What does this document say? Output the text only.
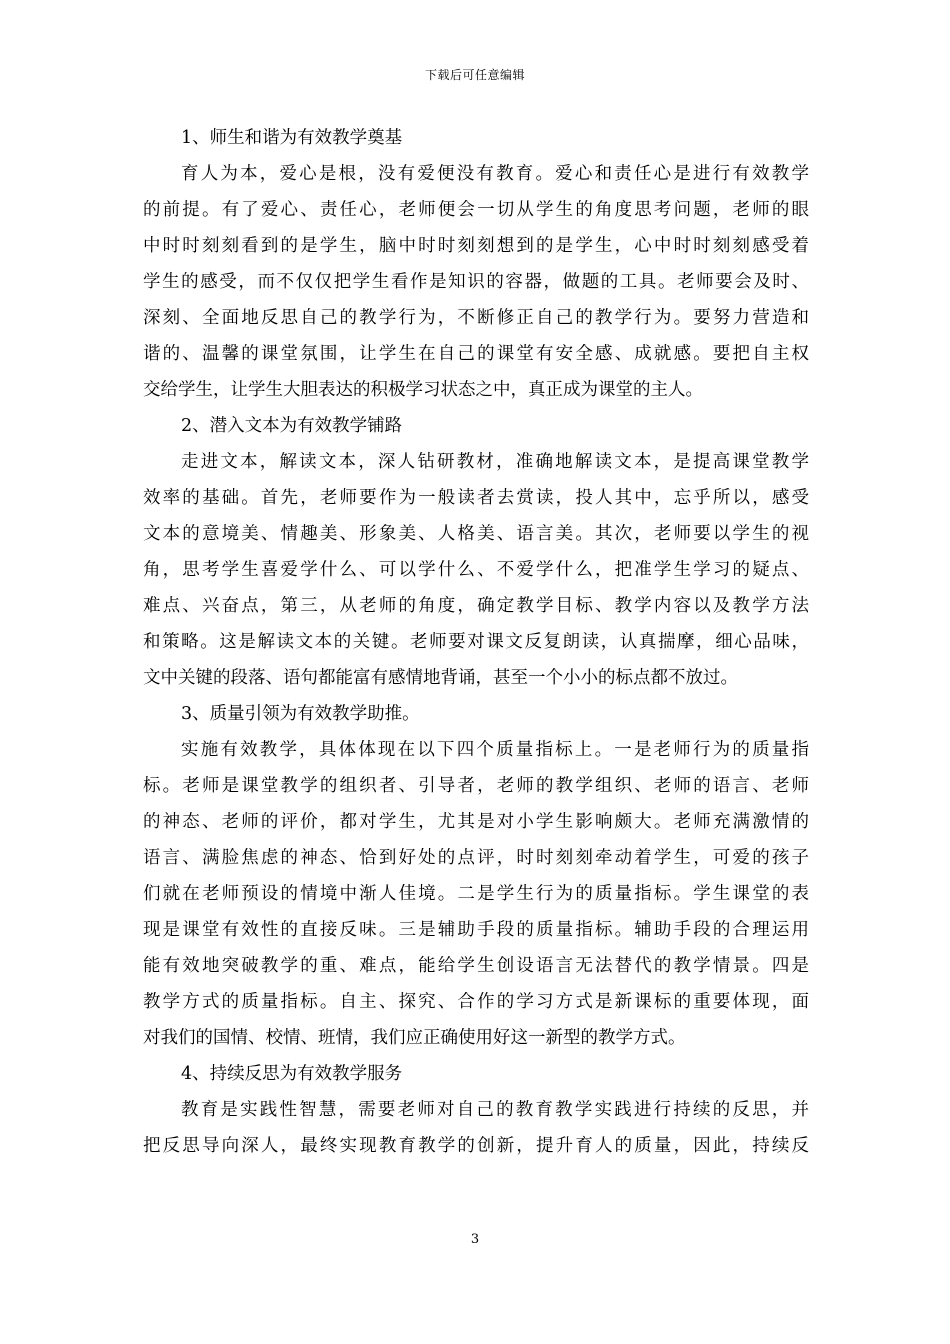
下载后可任意编辑
1、师生和谐为有效教学奠基
育人为本，爱心是根，没有爱便没有教育。爱心和责任心是进行有效教学
的前提。有了爱心、责任心，老师便会一切从学生的角度思考问题，老师的眼
中时时刻刻看到的是学生，脑中时时刻刻想到的是学生，心中时时刻刻感受着
学生的感受，而不仅仅把学生看作是知识的容器，做题的工具。老师要会及时、
深刻、全面地反思自己的教学行为，不断修正自己的教学行为。要努力营造和
谐的、温馨的课堂氛围，让学生在自己的课堂有安全感、成就感。要把自主权
交给学生，让学生大胆表达的积极学习状态之中，真正成为课堂的主人。
2、潜入文本为有效教学铺路
走进文本，解读文本，深人钻研教材，准确地解读文本，是提高课堂教学
效率的基础。首先，老师要作为一般读者去赏读，投人其中，忘乎所以，感受
文本的意境美、情趣美、形象美、人格美、语言美。其次，老师要以学生的视
角，思考学生喜爱学什么、可以学什么、不爱学什么，把准学生学习的疑点、
难点、兴奋点，第三，从老师的角度，确定教学目标、教学内容以及教学方法
和策略。这是解读文本的关键。老师要对课文反复朗读，认真揣摩，细心品味，
文中关键的段落、语句都能富有感情地背诵，甚至一个小小的标点都不放过。
3、质量引领为有效教学助推。
实施有效教学，具体体现在以下四个质量指标上。一是老师行为的质量指
标。老师是课堂教学的组织者、引导者，老师的教学组织、老师的语言、老师
的神态、老师的评价，都对学生，尤其是对小学生影响颇大。老师充满激情的
语言、满脸焦虑的神态、恰到好处的点评，时时刻刻牵动着学生，可爱的孩子
们就在老师预设的情境中渐人佳境。二是学生行为的质量指标。学生课堂的表
现是课堂有效性的直接反味。三是辅助手段的质量指标。辅助手段的合理运用
能有效地突破教学的重、难点，能给学生创设语言无法替代的教学情景。四是
教学方式的质量指标。自主、探究、合作的学习方式是新课标的重要体现，面
对我们的国情、校情、班情，我们应正确使用好这一新型的教学方式。
4、持续反思为有效教学服务
教育是实践性智慧，需要老师对自己的教育教学实践进行持续的反思，并
把反思导向深人，最终实现教育教学的创新，提升育人的质量，因此，持续反
3
